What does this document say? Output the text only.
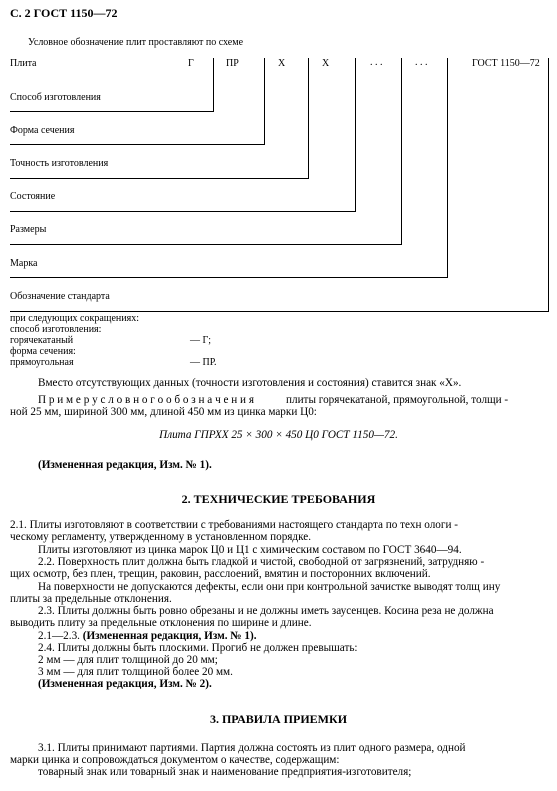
С. 2 ГОСТ 1150—72
Условное обозначение плит проставляют по схеме
Плита	Г	ПР	Х	Х	. . .	. . .	ГОСТ 1150—72
Способ изготовления
Форма сечения
Точность изготовления
Состояние
Размеры
Марка
Обозначение стандарта
при следующих сокращениях:
способ изготовления:
горячекатаный	— Г;
форма сечения:
прямоугольная	— ПР.
Вместо отсутствующих данных (точности изготовления и состояния) ставится знак «Х».
П р и м е р у с л о в н о г о о б о з н а ч е н и я	плиты горячекатаной, прямоугольной, толщи -
ной 25 мм, шириной 300 мм, длиной 450 мм из цинка марки Ц0:
Плита ГПРХХ 25 × 300 × 450 Ц0 ГОСТ 1150—72.
(Измененная редакция, Изм. № 1).
2. ТЕХНИЧЕСКИЕ ТРЕБОВАНИЯ
2.1. Плиты изготовляют в соответствии с требованиями настоящего стандарта по техн ологи -
ческому регламенту, утвержденному в установленном порядке.
Плиты изготовляют из цинка марок Ц0 и Ц1 с химическим составом по ГОСТ 3640—94.
2.2. Поверхность плит должна быть гладкой и чистой, свободной от загрязнений, затрудняю -
щих осмотр, без плен, трещин, раковин, расслоений, вмятин и посторонних включений.
На поверхности не допускаются дефекты, если они при контрольной зачистке выводят толщ ину
плиты за предельные отклонения.
2.3. Плиты должны быть ровно обрезаны и не должны иметь заусенцев. Косина реза не должна
выводить плиту за предельные отклонения по ширине и длине.
2.1—2.3. (Измененная редакция, Изм. № 1).
2.4. Плиты должны быть плоскими. Прогиб не должен превышать:
2 мм — для плит толщиной до 20 мм;
3 мм — для плит толщиной более 20 мм.
(Измененная редакция, Изм. № 2).
3. ПРАВИЛА ПРИЕМКИ
3.1. Плиты принимают партиями. Партия должна состоять из плит одного размера, одной
марки цинка и сопровождаться документом о качестве, содержащим:
товарный знак или товарный знак и наименование предприятия-изготовителя;
